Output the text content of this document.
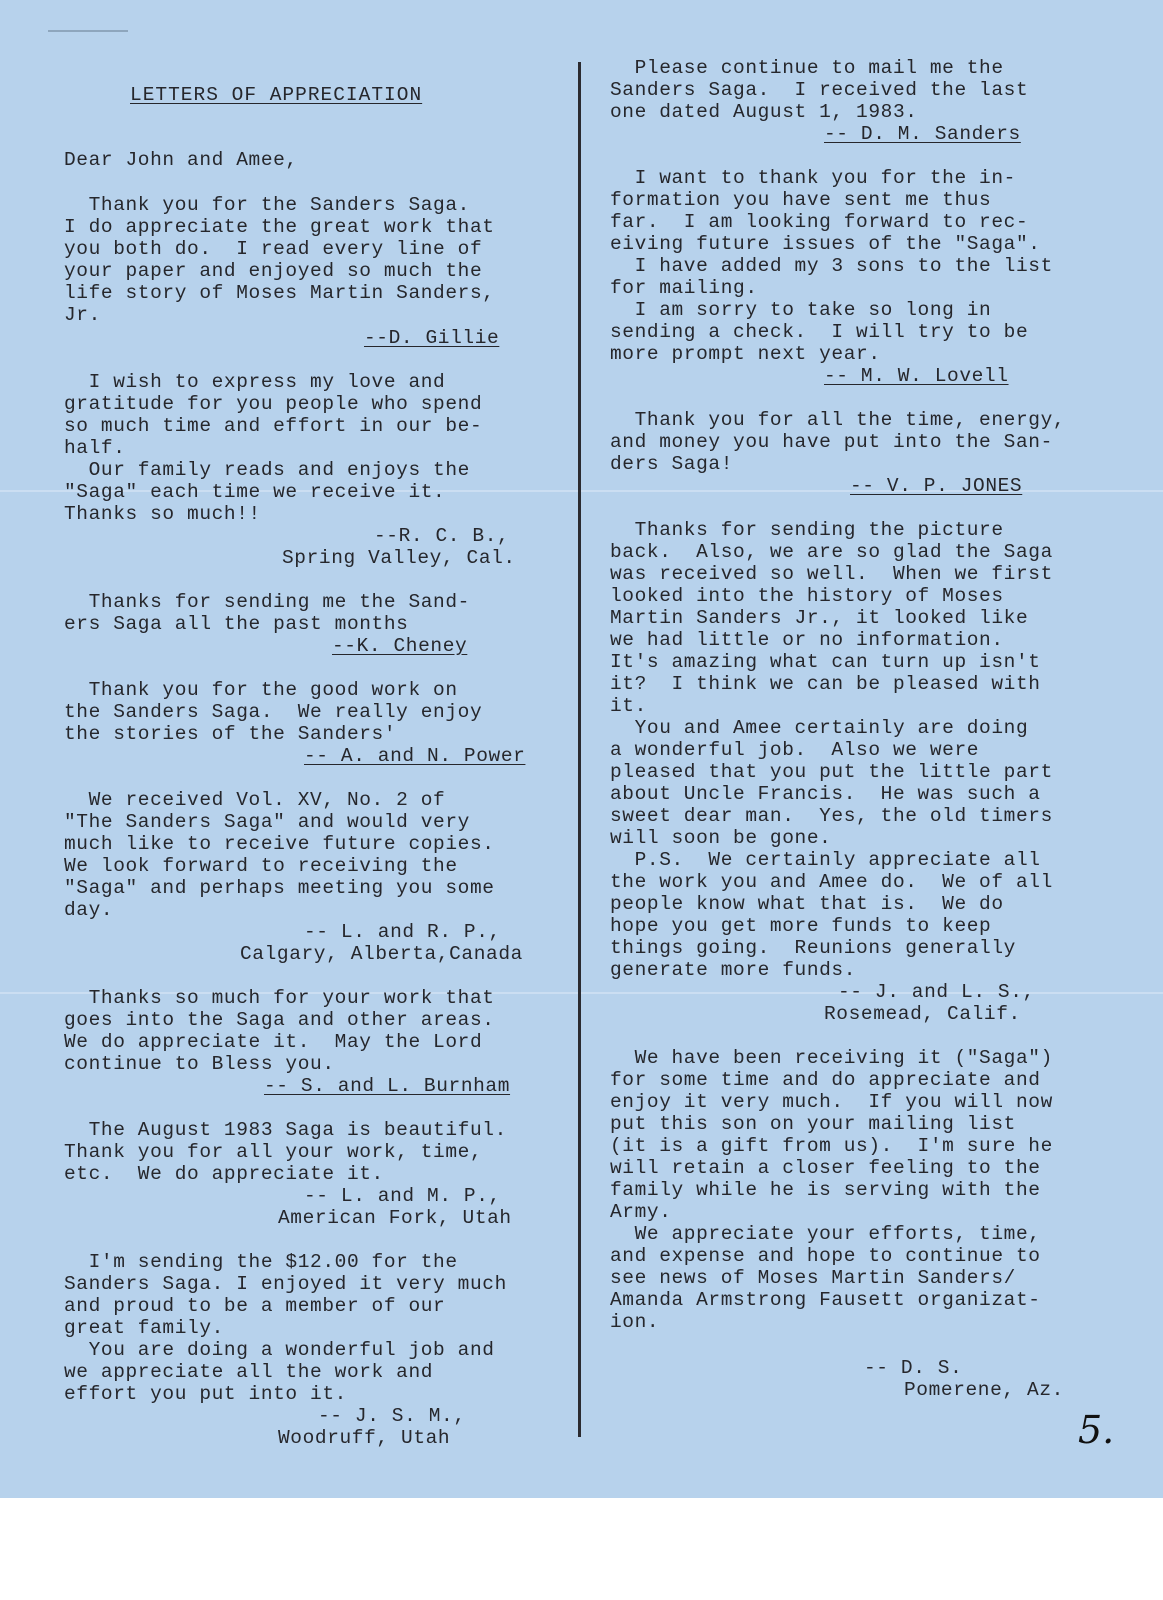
LETTERS OF APPRECIATION
Dear John and Amee,
Thank you for the Sanders Saga.
I do appreciate the great work that
you both do.  I read every line of
your paper and enjoyed so much the
life story of Moses Martin Sanders,
Jr.
--D. Gillie
I wish to express my love and
gratitude for you people who spend
so much time and effort in our be-
half.
Our family reads and enjoys the
"Saga" each time we receive it.
Thanks so much!!
--R. C. B.,
Spring Valley, Cal.
Thanks for sending me the Sand-
ers Saga all the past months
--K. Cheney
Thank you for the good work on
the Sanders Saga.  We really enjoy
the stories of the Sanders'
-- A. and N. Power
We received Vol. XV, No. 2 of
"The Sanders Saga" and would very
much like to receive future copies.
We look forward to receiving the
"Saga" and perhaps meeting you some
day.
-- L. and R. P.,
Calgary, Alberta,Canada
Thanks so much for your work that
goes into the Saga and other areas.
We do appreciate it.  May the Lord
continue to Bless you.
-- S. and L. Burnham
The August 1983 Saga is beautiful.
Thank you for all your work, time,
etc.  We do appreciate it.
-- L. and M. P.,
American Fork, Utah
I'm sending the $12.00 for the
Sanders Saga. I enjoyed it very much
and proud to be a member of our
great family.
You are doing a wonderful job and
we appreciate all the work and
effort you put into it.
-- J. S. M.,
Woodruff, Utah
Please continue to mail me the
Sanders Saga.  I received the last
one dated August 1, 1983.
-- D. M. Sanders
I want to thank you for the in-
formation you have sent me thus
far.  I am looking forward to rec-
eiving future issues of the "Saga".
I have added my 3 sons to the list
for mailing.
I am sorry to take so long in
sending a check.  I will try to be
more prompt next year.
-- M. W. Lovell
Thank you for all the time, energy,
and money you have put into the San-
ders Saga!
-- V. P. JONES
Thanks for sending the picture
back.  Also, we are so glad the Saga
was received so well.  When we first
looked into the history of Moses
Martin Sanders Jr., it looked like
we had little or no information.
It's amazing what can turn up isn't
it?  I think we can be pleased with
it.
You and Amee certainly are doing
a wonderful job.  Also we were
pleased that you put the little part
about Uncle Francis.  He was such a
sweet dear man.  Yes, the old timers
will soon be gone.
P.S.  We certainly appreciate all
the work you and Amee do.  We of all
people know what that is.  We do
hope you get more funds to keep
things going.  Reunions generally
generate more funds.
-- J. and L. S.,
Rosemead, Calif.
We have been receiving it ("Saga")
for some time and do appreciate and
enjoy it very much.  If you will now
put this son on your mailing list
(it is a gift from us).  I'm sure he
will retain a closer feeling to the
family while he is serving with the
Army.
We appreciate your efforts, time,
and expense and hope to continue to
see news of Moses Martin Sanders/
Amanda Armstrong Fausett organizat-
ion.
-- D. S.
Pomerene, Az.
5.
